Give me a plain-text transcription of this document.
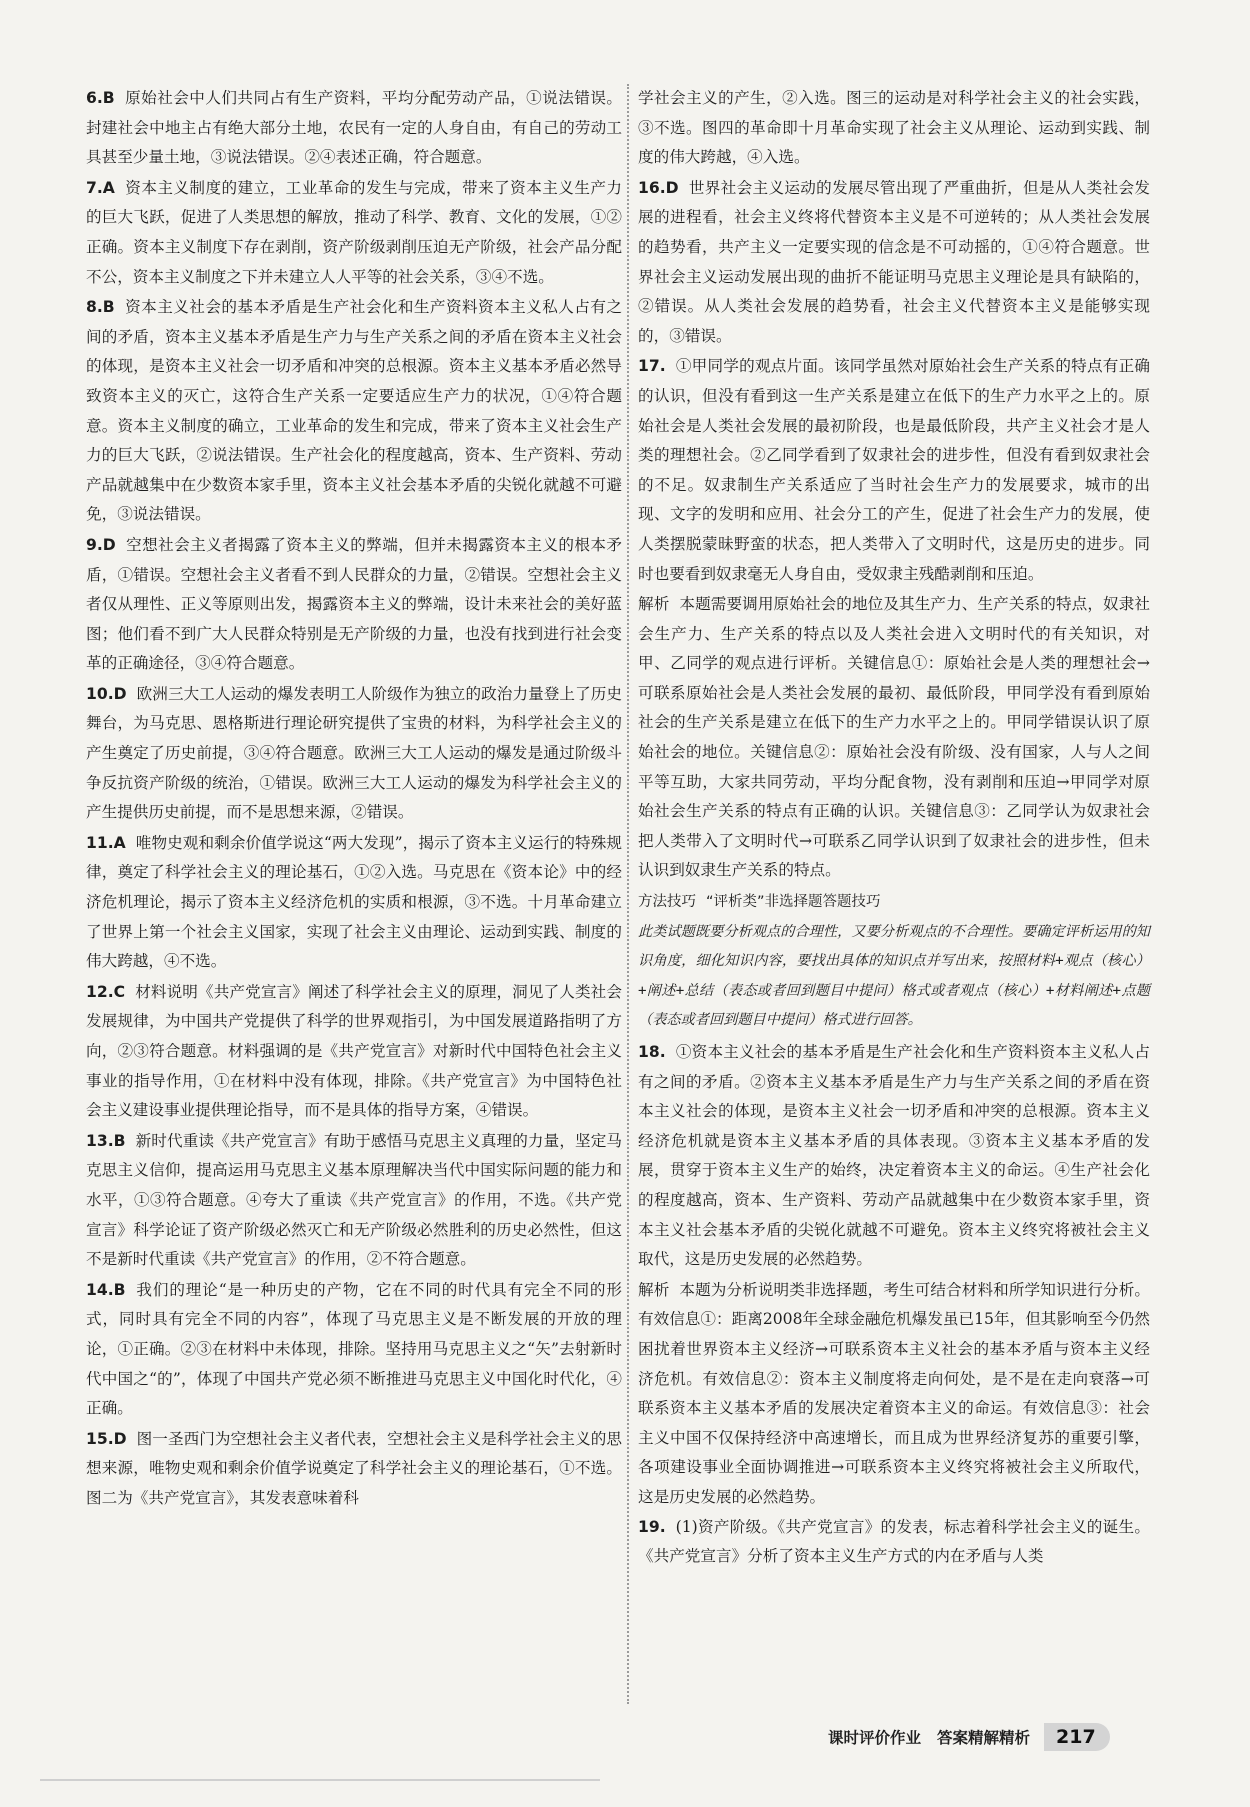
6.B 原始社会中人们共同占有生产资料，平均分配劳动产品，①说法错误。封建社会中地主占有绝大部分土地，农民有一定的人身自由，有自己的劳动工具甚至少量土地，③说法错误。②④表述正确，符合题意。

7.A 资本主义制度的建立，工业革命的发生与完成，带来了资本主义生产力的巨大飞跃，促进了人类思想的解放，推动了科学、教育、文化的发展，①②正确。资本主义制度下存在剥削，资产阶级剥削压迫无产阶级，社会产品分配不公，资本主义制度之下并未建立人人平等的社会关系，③④不选。

8.B 资本主义社会的基本矛盾是生产社会化和生产资料资本主义私人占有之间的矛盾，资本主义基本矛盾是生产力与生产关系之间的矛盾在资本主义社会的体现，是资本主义社会一切矛盾和冲突的总根源。资本主义基本矛盾必然导致资本主义的灭亡，这符合生产关系一定要适应生产力的状况，①④符合题意。资本主义制度的确立，工业革命的发生和完成，带来了资本主义社会生产力的巨大飞跃，②说法错误。生产社会化的程度越高，资本、生产资料、劳动产品就越集中在少数资本家手里，资本主义社会基本矛盾的尖锐化就越不可避免，③说法错误。

9.D 空想社会主义者揭露了资本主义的弊端，但并未揭露资本主义的根本矛盾，①错误。空想社会主义者看不到人民群众的力量，②错误。空想社会主义者仅从理性、正义等原则出发，揭露资本主义的弊端，设计未来社会的美好蓝图；他们看不到广大人民群众特别是无产阶级的力量，也没有找到进行社会变革的正确途径，③④符合题意。

10.D 欧洲三大工人运动的爆发表明工人阶级作为独立的政治力量登上了历史舞台，为马克思、恩格斯进行理论研究提供了宝贵的材料，为科学社会主义的产生奠定了历史前提，③④符合题意。欧洲三大工人运动的爆发是通过阶级斗争反抗资产阶级的统治，①错误。欧洲三大工人运动的爆发为科学社会主义的产生提供历史前提，而不是思想来源，②错误。

11.A 唯物史观和剩余价值学说这“两大发现”，揭示了资本主义运行的特殊规律，奠定了科学社会主义的理论基石，①②入选。马克思在《资本论》中的经济危机理论，揭示了资本主义经济危机的实质和根源，③不选。十月革命建立了世界上第一个社会主义国家，实现了社会主义由理论、运动到实践、制度的伟大跨越，④不选。

12.C 材料说明《共产党宣言》阐述了科学社会主义的原理，洞见了人类社会发展规律，为中国共产党提供了科学的世界观指引，为中国发展道路指明了方向，②③符合题意。材料强调的是《共产党宣言》对新时代中国特色社会主义事业的指导作用，①在材料中没有体现，排除。《共产党宣言》为中国特色社会主义建设事业提供理论指导，而不是具体的指导方案，④错误。

13.B 新时代重读《共产党宣言》有助于感悟马克思主义真理的力量，坚定马克思主义信仰，提高运用马克思主义基本原理解决当代中国实际问题的能力和水平，①③符合题意。④夸大了重读《共产党宣言》的作用，不选。《共产党宣言》科学论证了资产阶级必然灭亡和无产阶级必然胜利的历史必然性，但这不是新时代重读《共产党宣言》的作用，②不符合题意。

14.B 我们的理论“是一种历史的产物，它在不同的时代具有完全不同的形式，同时具有完全不同的内容”，体现了马克思主义是不断发展的开放的理论，①正确。②③在材料中未体现，排除。坚持用马克思主义之“矢”去射新时代中国之“的”，体现了中国共产党必须不断推进马克思主义中国化时代化，④正确。

15.D 图一圣西门为空想社会主义者代表，空想社会主义是科学社会主义的思想来源，唯物史观和剩余价值学说奠定了科学社会主义的理论基石，①不选。图二为《共产党宣言》，其发表意味着科

学社会主义的产生，②入选。图三的运动是对科学社会主义的社会实践，③不选。图四的革命即十月革命实现了社会主义从理论、运动到实践、制度的伟大跨越，④入选。

16.D 世界社会主义运动的发展尽管出现了严重曲折，但是从人类社会发展的进程看，社会主义终将代替资本主义是不可逆转的；从人类社会发展的趋势看，共产主义一定要实现的信念是不可动摇的，①④符合题意。世界社会主义运动发展出现的曲折不能证明马克思主义理论是具有缺陷的，②错误。从人类社会发展的趋势看，社会主义代替资本主义是能够实现的，③错误。

17. ①甲同学的观点片面。该同学虽然对原始社会生产关系的特点有正确的认识，但没有看到这一生产关系是建立在低下的生产力水平之上的。原始社会是人类社会发展的最初阶段，也是最低阶段，共产主义社会才是人类的理想社会。②乙同学看到了奴隶社会的进步性，但没有看到奴隶社会的不足。奴隶制生产关系适应了当时社会生产力的发展要求，城市的出现、文字的发明和应用、社会分工的产生，促进了社会生产力的发展，使人类摆脱蒙昧野蛮的状态，把人类带入了文明时代，这是历史的进步。同时也要看到奴隶毫无人身自由，受奴隶主残酷剥削和压迫。

解析 本题需要调用原始社会的地位及其生产力、生产关系的特点，奴隶社会生产力、生产关系的特点以及人类社会进入文明时代的有关知识，对甲、乙同学的观点进行评析。关键信息①：原始社会是人类的理想社会→可联系原始社会是人类社会发展的最初、最低阶段，甲同学没有看到原始社会的生产关系是建立在低下的生产力水平之上的。甲同学错误认识了原始社会的地位。关键信息②：原始社会没有阶级、没有国家，人与人之间平等互助，大家共同劳动，平均分配食物，没有剥削和压迫→甲同学对原始社会生产关系的特点有正确的认识。关键信息③：乙同学认为奴隶社会把人类带入了文明时代→可联系乙同学认识到了奴隶社会的进步性，但未认识到奴隶生产关系的特点。

方法技巧 “评析类”非选择题答题技巧

此类试题既要分析观点的合理性，又要分析观点的不合理性。要确定评析运用的知识角度，细化知识内容，要找出具体的知识点并写出来，按照材料+观点（核心）+阐述+总结（表态或者回到题目中提问）格式或者观点（核心）+材料阐述+点题（表态或者回到题目中提问）格式进行回答。

18. ①资本主义社会的基本矛盾是生产社会化和生产资料资本主义私人占有之间的矛盾。②资本主义基本矛盾是生产力与生产关系之间的矛盾在资本主义社会的体现，是资本主义社会一切矛盾和冲突的总根源。资本主义经济危机就是资本主义基本矛盾的具体表现。③资本主义基本矛盾的发展，贯穿于资本主义生产的始终，决定着资本主义的命运。④生产社会化的程度越高，资本、生产资料、劳动产品就越集中在少数资本家手里，资本主义社会基本矛盾的尖锐化就越不可避免。资本主义终究将被社会主义取代，这是历史发展的必然趋势。

解析 本题为分析说明类非选择题，考生可结合材料和所学知识进行分析。有效信息①：距离2008年全球金融危机爆发虽已15年，但其影响至今仍然困扰着世界资本主义经济→可联系资本主义社会的基本矛盾与资本主义经济危机。有效信息②：资本主义制度将走向何处，是不是在走向衰落→可联系资本主义基本矛盾的发展决定着资本主义的命运。有效信息③：社会主义中国不仅保持经济中高速增长，而且成为世界经济复苏的重要引擎，各项建设事业全面协调推进→可联系资本主义终究将被社会主义所取代，这是历史发展的必然趋势。

19. (1)资产阶级。《共产党宣言》的发表，标志着科学社会主义的诞生。《共产党宣言》分析了资本主义生产方式的内在矛盾与人类

课时评价作业 答案精解精析	217
